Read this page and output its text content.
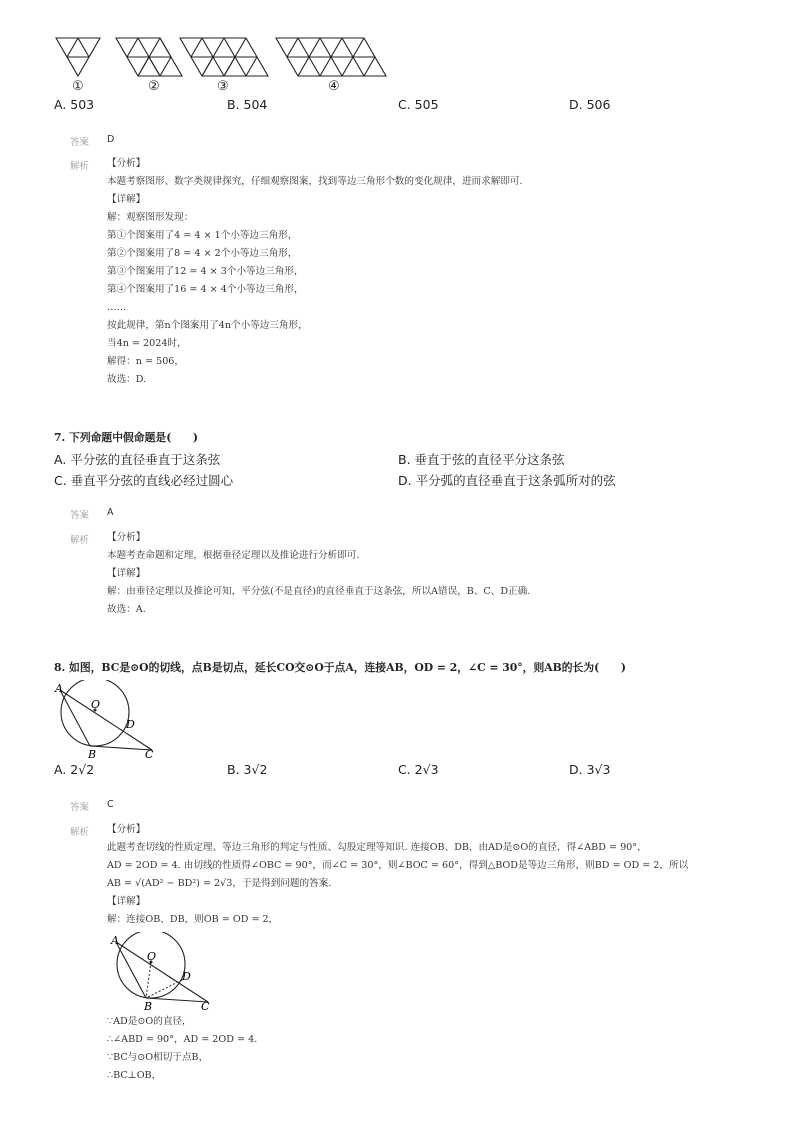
①	②	③	④
A. 503	B. 504	C. 505	D. 506
答案 D
解析 【分析】
本题考察图形、数字类规律探究，仔细观察图案，找到等边三角形个数的变化规律，进而求解即可.
【详解】
解：观察图形发现：
第①个图案用了4 = 4 × 1个小等边三角形，
第②个图案用了8 = 4 × 2个小等边三角形，
第③个图案用了12 = 4 × 3个小等边三角形，
第④个图案用了16 = 4 × 4个小等边三角形，
……
按此规律，第n个图案用了4n个小等边三角形，
当4n = 2024时，
解得：n = 506，
故选：D.
7. 下列命题中假命题是(　　)
A. 平分弦的直径垂直于这条弦	B. 垂直于弦的直径平分这条弦
C. 垂直平分弦的直线必经过圆心	D. 平分弧的直径垂直于这条弧所对的弦
答案 A
解析 【分析】
本题考查命题和定理，根据垂径定理以及推论进行分析即可.
【详解】
解：由垂径定理以及推论可知，平分弦(不是直径)的直径垂直于这条弦，所以A错误，B、C、D正确.
故选：A.
8. 如图，BC是⊙O的切线，点B是切点，延长CO交⊙O于点A，连接AB，OD = 2，∠C = 30°，则AB的长为(　　)
A
O
D
B	C
A. 2√2	B. 3√2	C. 2√3	D. 3√3
答案 C
解析 【分析】
此题考查切线的性质定理、等边三角形的判定与性质、勾股定理等知识. 连接OB、DB，由AD是⊙O的直径，得∠ABD = 90°，
AD = 2OD = 4. 由切线的性质得∠OBC = 90°，而∠C = 30°，则∠BOC = 60°，得到△BOD是等边三角形，则BD = OD = 2，所以
AB = √(AD² − BD²) = 2√3，于是得到问题的答案.
【详解】
解：连接OB、DB，则OB = OD = 2，
A
O
D
B	C
∵AD是⊙O的直径，
∴∠ABD = 90°，AD = 2OD = 4.
∵BC与⊙O相切于点B，
∴BC⊥OB，
